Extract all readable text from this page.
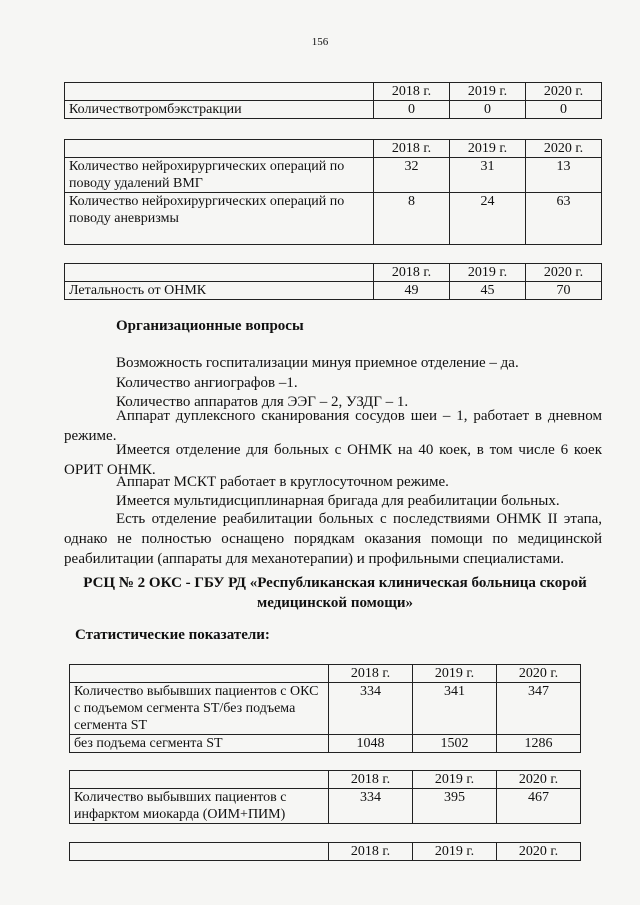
156
	2018 г.	2019 г.	2020 г.
Количествотромбэкстракции	0	0	0
	2018 г.	2019 г.	2020 г.
Количество нейрохирургических операций по поводу удалений ВМГ	32	31	13
Количество нейрохирургических операций по поводу аневризмы	8	24	63
	2018 г.	2019 г.	2020 г.
Летальность от ОНМК	49	45	70
Организационные вопросы
Возможность госпитализации минуя приемное отделение – да.
Количество ангиографов –1.
Количество аппаратов для ЭЭГ – 2, УЗДГ – 1.
Аппарат дуплексного сканирования сосудов шеи – 1, работает в дневном режиме.
Имеется отделение для больных с ОНМК на 40 коек, в том числе 6 коек ОРИТ ОНМК.
Аппарат МСКТ работает в круглосуточном режиме.
Имеется мультидисциплинарная бригада для реабилитации больных.
Есть отделение реабилитации больных с последствиями ОНМК II этапа, однако не полностью оснащено порядкам оказания помощи по медицинской реабилитации (аппараты для механотерапии) и профильными специалистами.
РСЦ № 2 ОКС - ГБУ РД «Республиканская клиническая больница скорой медицинской помощи»
Статистические показатели:
	2018 г.	2019 г.	2020 г.
Количество выбывших пациентов с ОКС с подъемом сегмента ST/без подъема сегмента ST	334	341	347
без подъема сегмента ST	1048	1502	1286
	2018 г.	2019 г.	2020 г.
Количество выбывших пациентов с инфарктом миокарда (ОИМ+ПИМ)	334	395	467
	2018 г.	2019 г.	2020 г.
